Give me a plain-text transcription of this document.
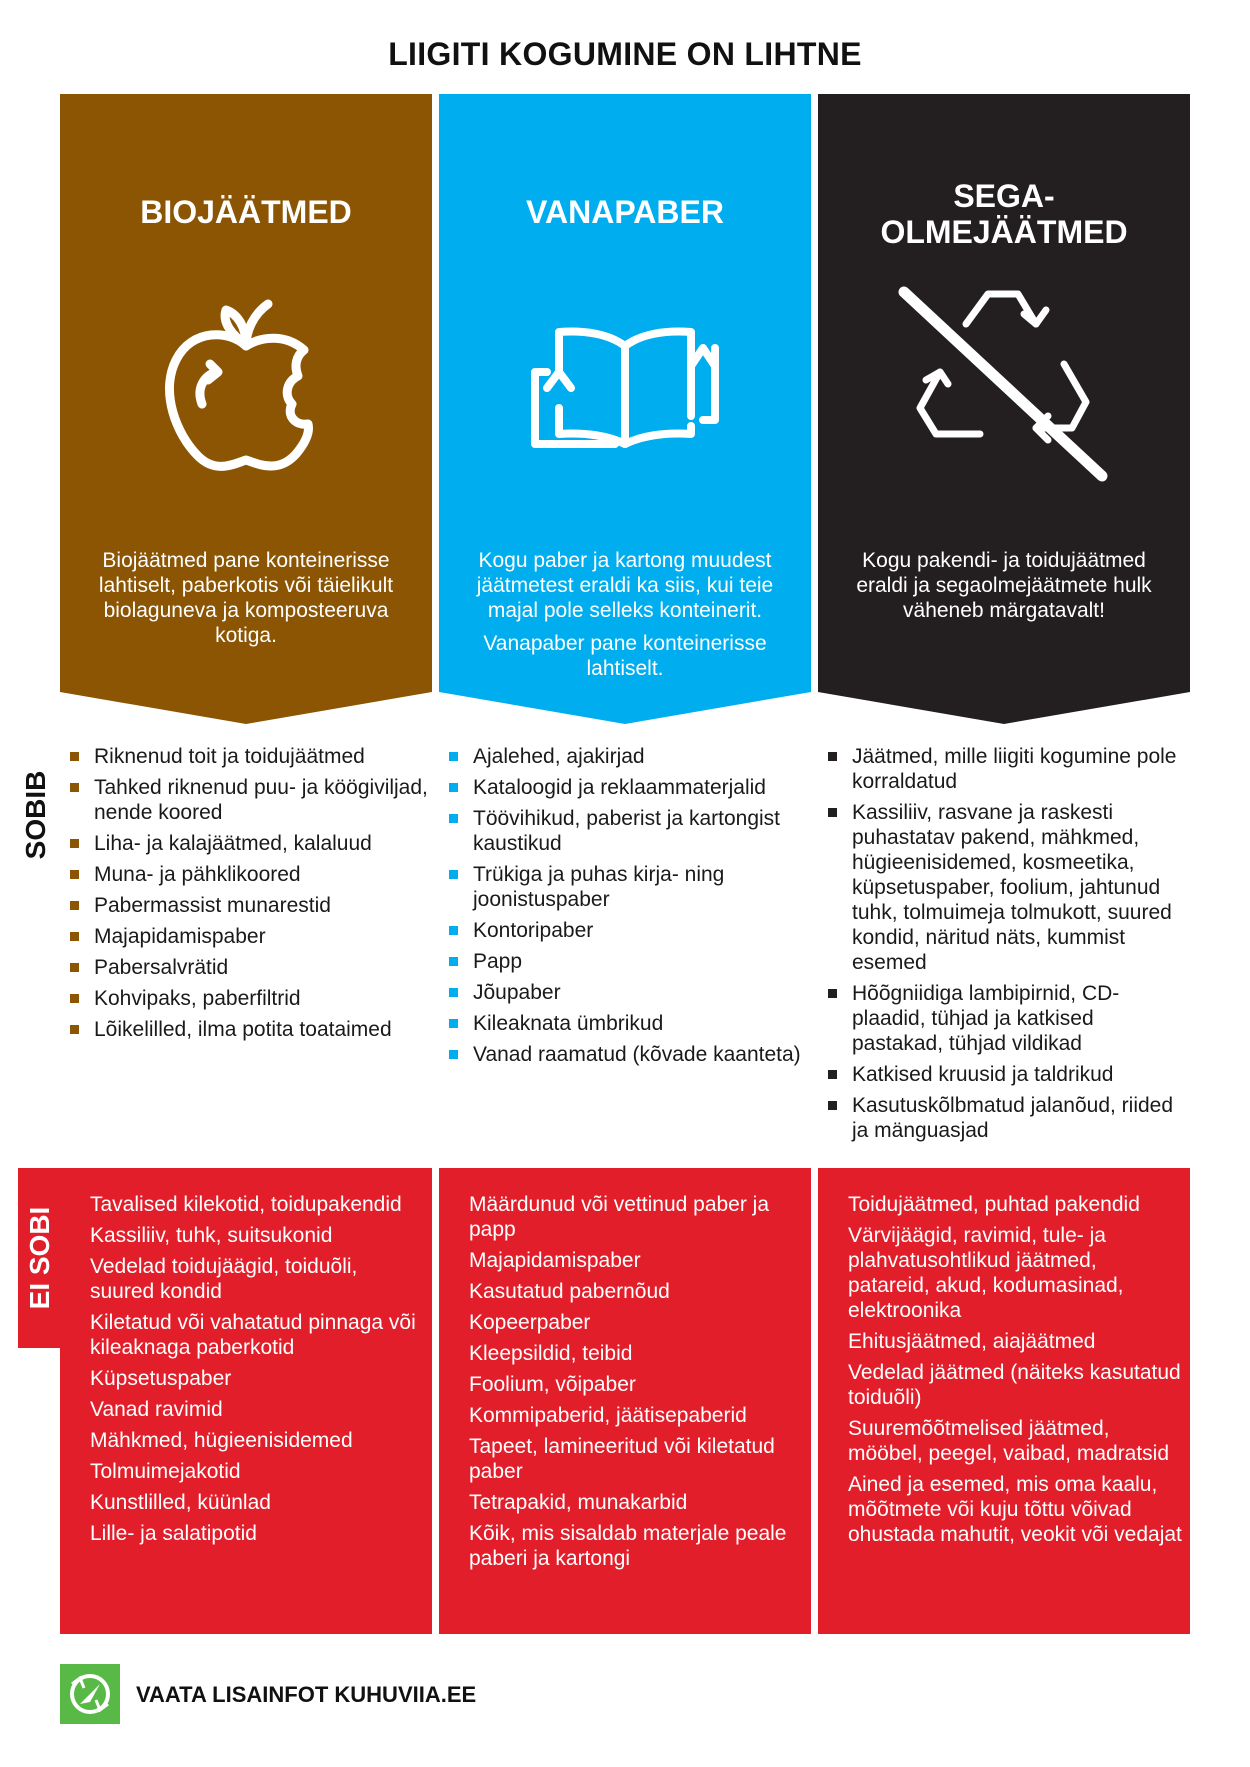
LIIGITI KOGUMINE ON LIHTNE
BIOJÄÄTMED

Biojäätmed pane konteinerisse lahtiselt, paberkotis või täielikult biolaguneva ja komposteeruva kotiga.

VANAPABER

Kogu paber ja kartong muudest jäätmetest eraldi ka siis, kui teie majal pole selleks konteinerit.

Vanapaber pane konteinerisse lahtiselt.

SEGA-
OLMEJÄÄTMED

Kogu pakendi- ja toidujäätmed eraldi ja segaolmejäätmete hulk väheneb märgatavalt!

SOBIB
Riknenud toit ja toidujäätmed
Tahked riknenud puu- ja köögiviljad, nende koored
Liha- ja kalajäätmed, kalaluud
Muna- ja pähklikoored
Pabermassist munarestid
Majapidamispaber
Pabersalvrätid
Kohvipaks, paberfiltrid
Lõikelilled, ilma potita toataimed
Ajalehed, ajakirjad
Kataloogid ja reklaammaterjalid
Töövihikud, paberist ja kartongist kaustikud
Trükiga ja puhas kirja- ning joonistuspaber
Kontoripaber
Papp
Jõupaber
Kileaknata ümbrikud
Vanad raamatud (kõvade kaanteta)
Jäätmed, mille liigiti kogumine pole korraldatud
Kassiliiv, rasvane ja raskesti puhastatav pakend, mähkmed, hügieenisidemed, kosmeetika, küpsetuspaber, foolium, jahtunud tuhk, tolmuimeja tolmukott, suured kondid, näritud näts, kummist esemed
Hõõgniidiga lambipirnid, CD-plaadid, tühjad ja katkised pastakad, tühjad vildikad
Katkised kruusid ja taldrikud
Kasutuskõlbmatud jalanõud, riided ja mänguasjad
Tavalised kilekotid, toidupakendid
Kassiliiv, tuhk, suitsukonid
Vedelad toidujäägid, toiduõli, suured kondid
Kiletatud või vahatatud pinnaga või kileaknaga paberkotid
Küpsetuspaber
Vanad ravimid
Mähkmed, hügieenisidemed
Tolmuimejakotid
Kunstlilled, küünlad
Lille- ja salatipotid
Määrdunud või vettinud paber ja papp
Majapidamispaber
Kasutatud pabernõud
Kopeerpaber
Kleepsildid, teibid
Foolium, võipaber
Kommipaberid, jäätisepaberid
Tapeet, lamineeritud või kiletatud paber
Tetrapakid, munakarbid
Kõik, mis sisaldab materjale peale paberi ja kartongi
Toidujäätmed, puhtad pakendid
Värvijäägid, ravimid, tule- ja plahvatusohtlikud jäätmed, patareid, akud, kodumasinad, elektroonika
Ehitusjäätmed, aiajäätmed
Vedelad jäätmed (näiteks kasutatud toiduõli)
Suuremõõtmelised jäätmed, mööbel, peegel, vaibad, madratsid
Ained ja esemed, mis oma kaalu, mõõtmete või kuju tõttu võivad ohustada mahutit, veokit või vedajat
EI SOBI
VAATA LISAINFOT KUHUVIIA.EE
